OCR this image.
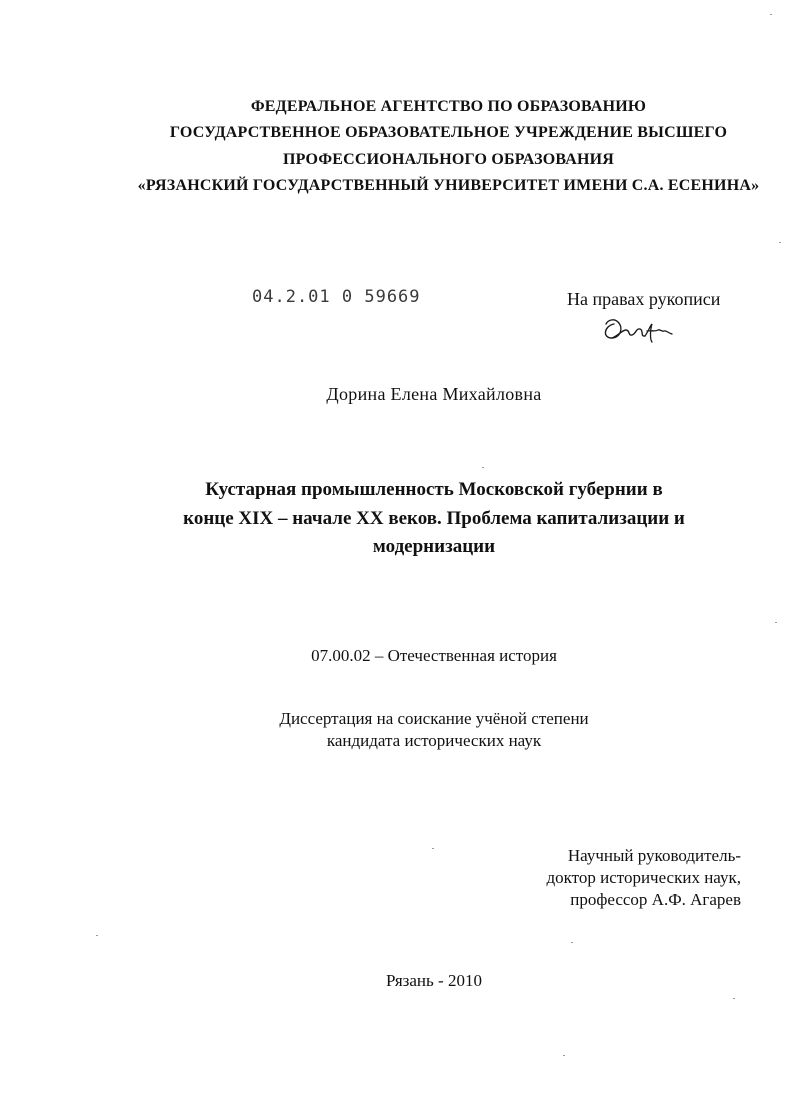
ФЕДЕРАЛЬНОЕ АГЕНТСТВО ПО ОБРАЗОВАНИЮ
ГОСУДАРСТВЕННОЕ ОБРАЗОВАТЕЛЬНОЕ УЧРЕЖДЕНИЕ ВЫСШЕГО
ПРОФЕССИОНАЛЬНОГО ОБРАЗОВАНИЯ
«РЯЗАНСКИЙ ГОСУДАРСТВЕННЫЙ УНИВЕРСИТЕТ ИМЕНИ С.А. ЕСЕНИНА»
04.2.01 0 59669	На правах рукописи
Дорина Елена Михайловна
Кустарная промышленность Московской губернии в
конце XIX – начале XX веков. Проблема капитализации и
модернизации
07.00.02 – Отечественная история
Диссертация на соискание учёной степени
кандидата исторических наук
Научный руководитель-
доктор исторических наук,
профессор А.Ф. Агарев
Рязань - 2010
